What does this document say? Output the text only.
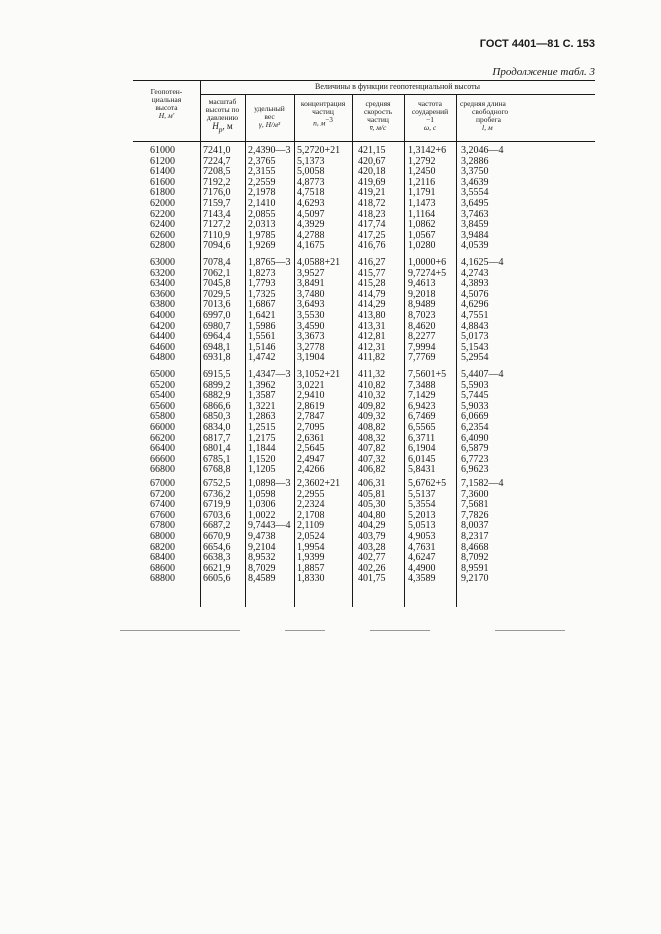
ГОСТ 4401—81 С. 153
Продолжение табл. 3
Величины в функции геопотенциальной высоты
Геопотен-
циальная
высота
H, м'
масштаб
высоты по
давлению
$H_p$, м
удельный
вес
γ, Н/м³
концентрация
частиц
n, $м^{-3}$
средняя
скорость
частиц
v̄, м/с
частота
соударений
−1
ω, с
средняя длина
свободного
пробега
l, м
61000	7241,0 2,4390—3 5,2720+21 421,15 1,3142+6 3,2046—4
61200	7224,7 2,3765 5,1373	420,67 1,2792	3,2886
61400	7208,5 2,3155 5,0058	420,18 1,2450	3,3750
61600	7192,2 2,2559 4,8773	419,69 1,2116	3,4639
61800	7176,0 2,1978 4,7518	419,21 1,1791	3,5554
62000	7159,7 2,1410 4,6293	418,72 1,1473	3,6495
62200	7143,4 2,0855 4,5097	418,23 1,1164	3,7463
62400	7127,2 2,0313 4,3929	417,74 1,0862	3,8459
62600	7110,9 1,9785 4,2788	417,25 1,0567	3,9484
62800	7094,6 1,9269 4,1675	416,76 1,0280	4,0539
63000	7078,4 1,8765—3 4,0588+21 416,27 1,0000+6 4,1625—4
63200	7062,1 1,8273 3,9527	415,77 9,7274+5 4,2743
63400	7045,8 1,7793 3,8491	415,28 9,4613	4,3893
63600	7029,5 1,7325 3,7480	414,79 9,2018	4,5076
63800	7013,6 1,6867 3,6493	414,29 8,9489	4,6296
64000	6997,0 1,6421 3,5530	413,80 8,7023	4,7551
64200	6980,7 1,5986 3,4590	413,31 8,4620	4,8843
64400	6964,4 1,5561 3,3673	412,81 8,2277	5,0173
64600	6948,1 1,5146 3,2778	412,31 7,9994	5,1543
64800	6931,8 1,4742 3,1904	411,82 7,7769	5,2954
65000	6915,5 1,4347—3 3,1052+21 411,32 7,5601+5 5,4407—4
65200	6899,2 1,3962 3,0221	410,82 7,3488	5,5903
65400	6882,9 1,3587 2,9410	410,32 7,1429	5,7445
65600	6866,6 1,3221 2,8619	409,82 6,9423	5,9033
65800	6850,3 1,2863 2,7847	409,32 6,7469	6,0669
66000	6834,0 1,2515 2,7095	408,82 6,5565	6,2354
66200	6817,7 1,2175 2,6361	408,32 6,3711	6,4090
66400	6801,4 1,1844 2,5645	407,82 6,1904	6,5879
66600	6785,1 1,1520 2,4947	407,32 6,0145	6,7723
66800	6768,8 1,1205 2,4266	406,82 5,8431	6,9623
67000	6752,5 1,0898—3 2,3602+21 406,31 5,6762+5 7,1582—4
67200	6736,2 1,0598 2,2955	405,81 5,5137	7,3600
67400	6719,9 1,0306 2,2324	405,30 5,3554	7,5681
67600	6703,6 1,0022 2,1708	404,80 5,2013	7,7826
67800	6687,2 9,7443—4 2,1109	404,29 5,0513	8,0037
68000	6670,9 9,4738 2,0524	403,79 4,9053	8,2317
68200	6654,6 9,2104 1,9954	403,28 4,7631	8,4668
68400	6638,3 8,9532 1,9399	402,77 4,6247	8,7092
68600	6621,9 8,7029 1,8857	402,26 4,4900	8,9591
68800	6605,6 8,4589 1,8330	401,75 4,3589	9,2170
